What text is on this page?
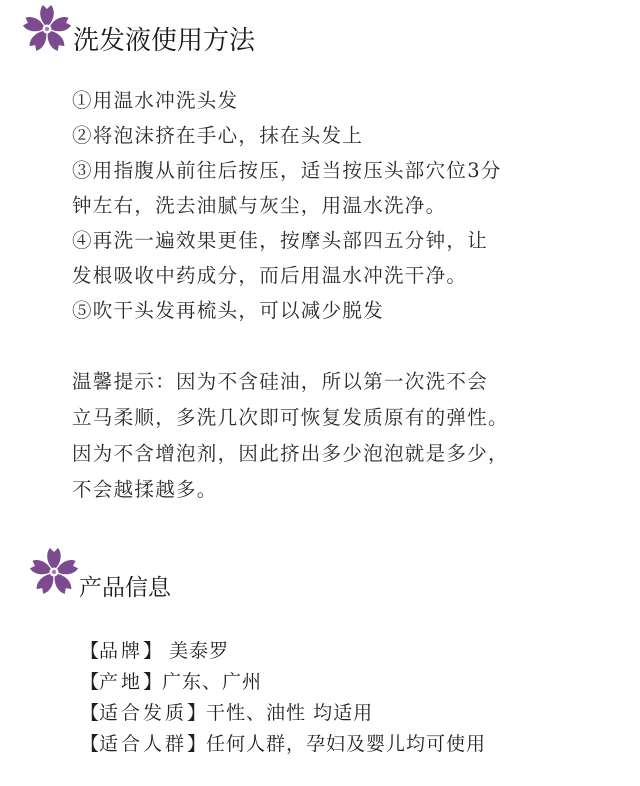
洗发液使用方法

①用温水冲洗头发

②将泡沫挤在手心，抹在头发上

③用指腹从前往后按压，适当按压头部穴位3分

钟左右，洗去油腻与灰尘，用温水洗净。

④再洗一遍效果更佳，按摩头部四五分钟，让

发根吸收中药成分，而后用温水冲洗干净。

⑤吹干头发再梳头，可以减少脱发

温馨提示：因为不含硅油，所以第一次洗不会

立马柔顺，多洗几次即可恢复发质原有的弹性。

因为不含增泡剂，因此挤出多少泡泡就是多少，

不会越揉越多。

产品信息
【品牌】 美泰罗
【产地】广东、广州
【适合发质】干性、油性 均适用
【适合人群】任何人群，孕妇及婴儿均可使用
